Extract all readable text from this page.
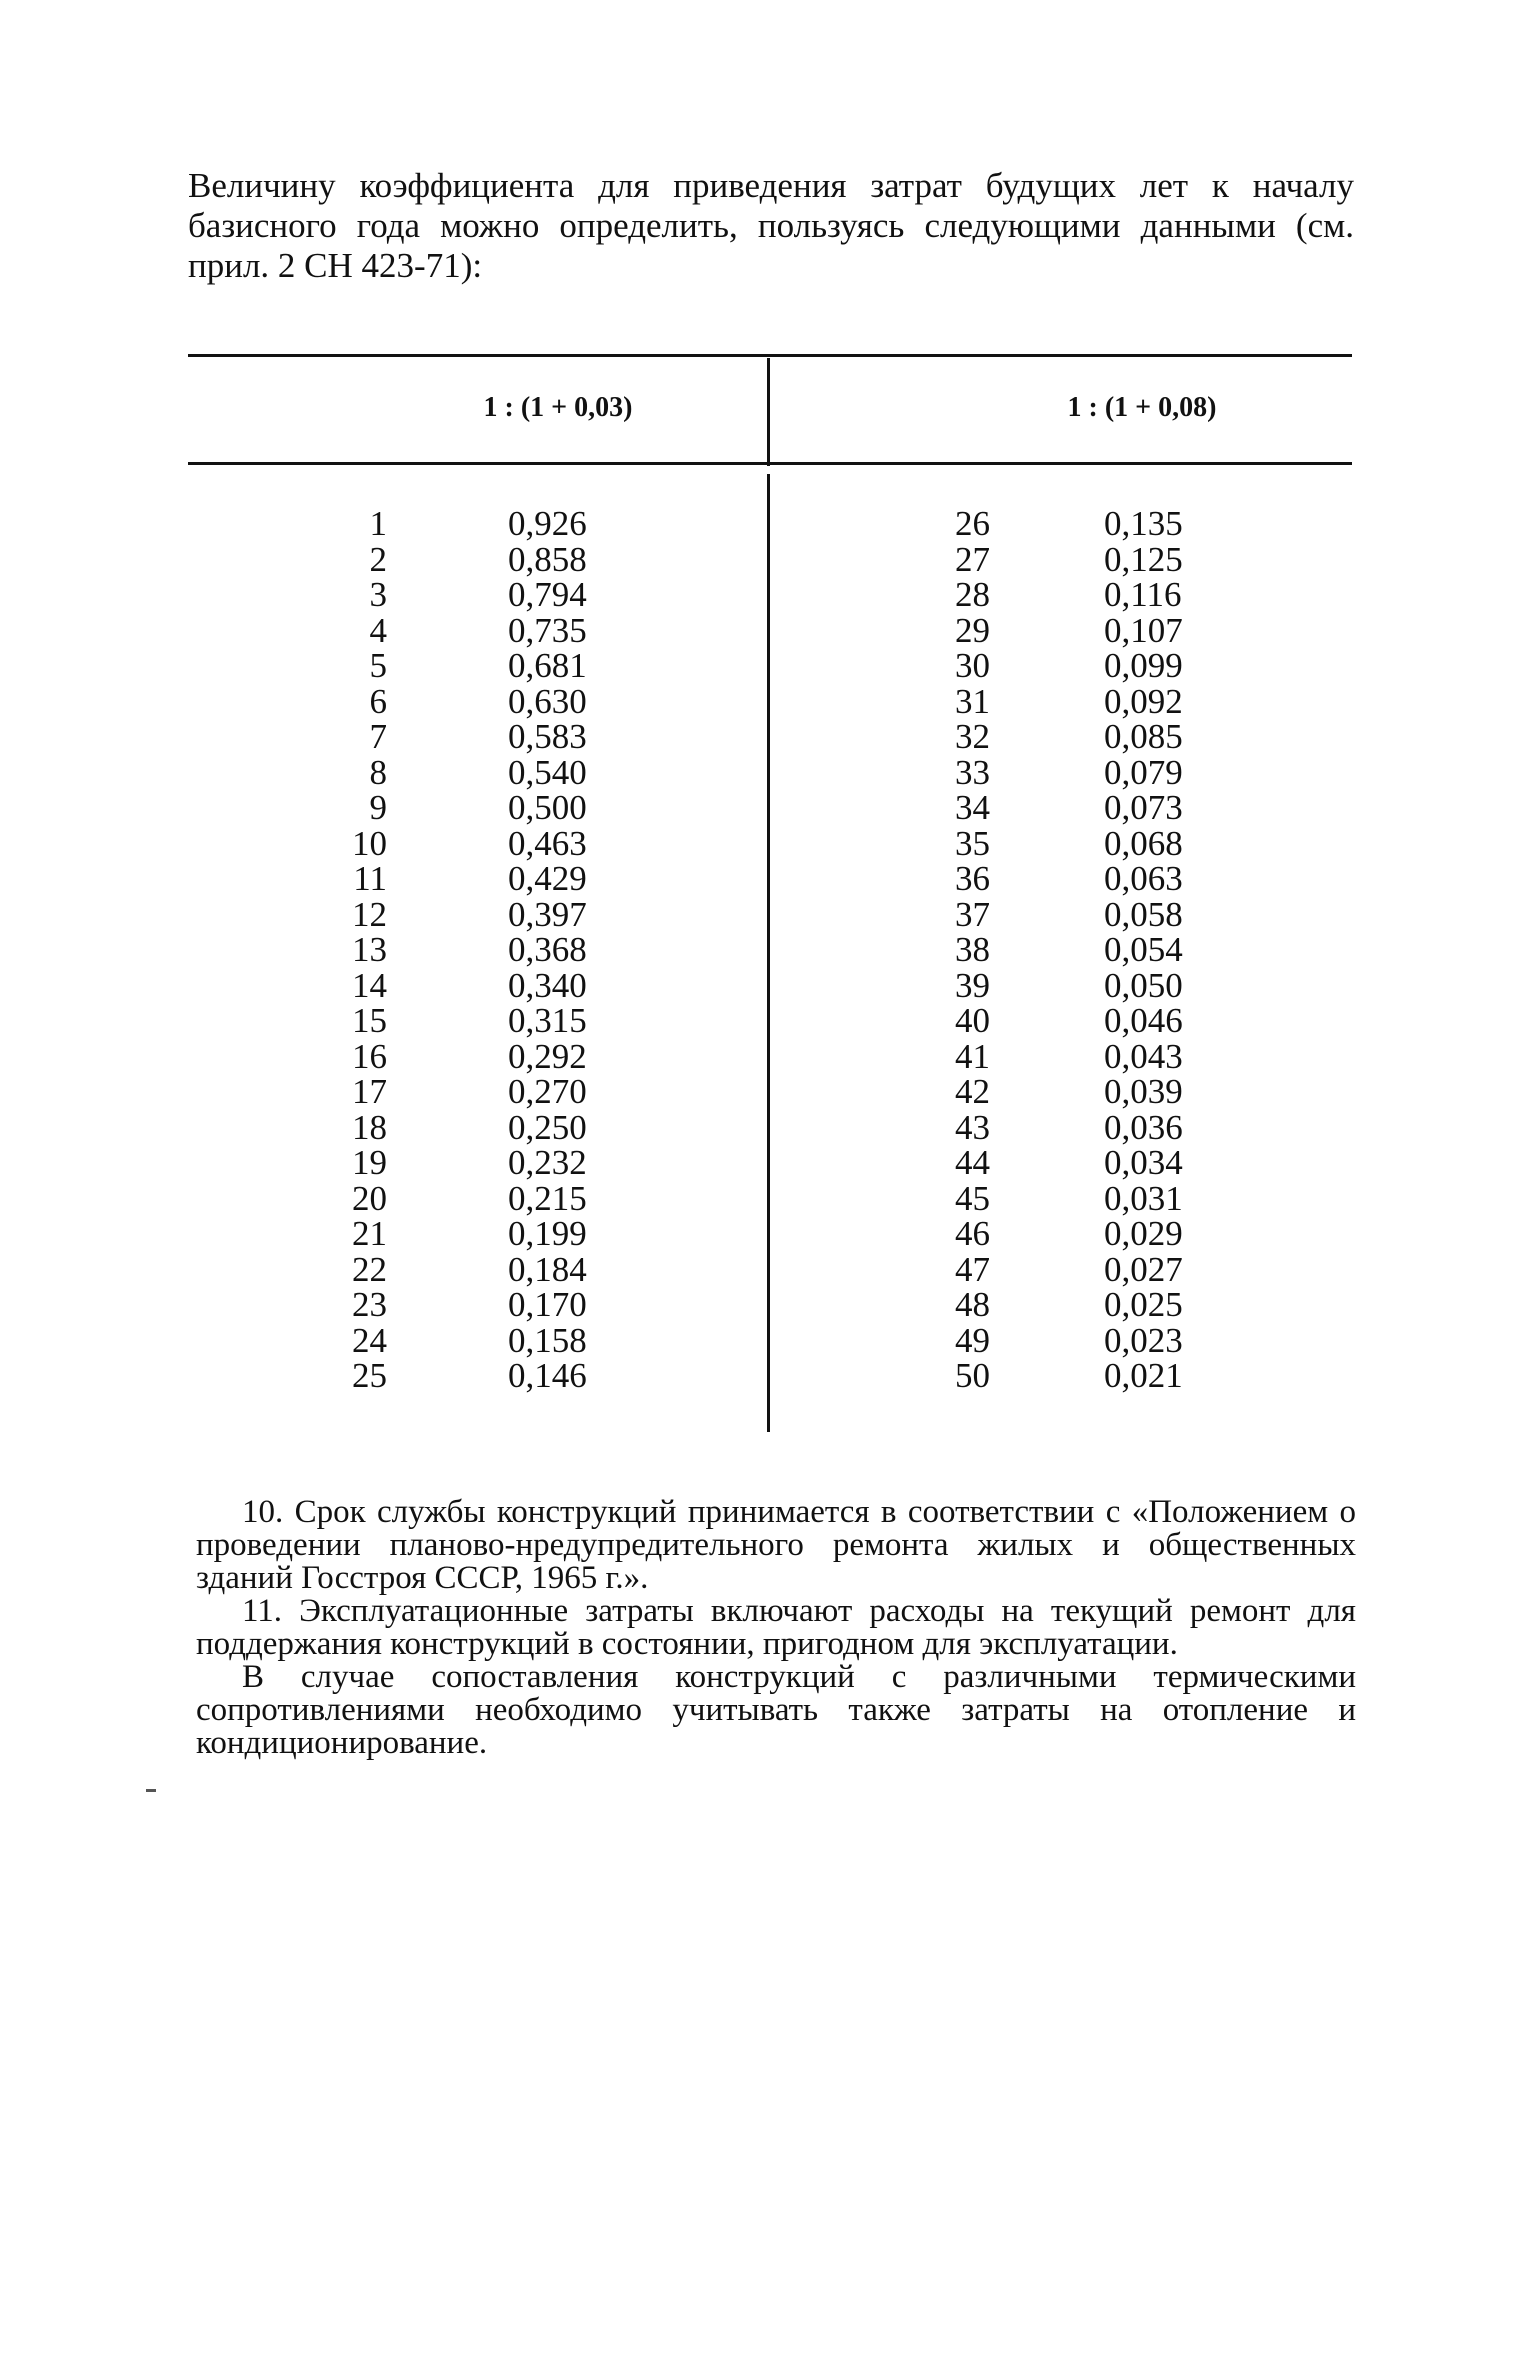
Величину коэффициента для приведения затрат будущих лет к началу базисного года можно определить, пользуясь следующими данными (см. прил. 2 СН 423-71):
1 : (1 + 0,03)	1 : (1 + 0,08)
1
2
3
4
5
6
7
8
9
10
11
12
13
14
15
16
17
18
19
20
21
22
23
24
25
0,926
0,858
0,794
0,735
0,681
0,630
0,583
0,540
0,500
0,463
0,429
0,397
0,368
0,340
0,315
0,292
0,270
0,250
0,232
0,215
0,199
0,184
0,170
0,158
0,146
26
27
28
29
30
31
32
33
34
35
36
37
38
39
40
41
42
43
44
45
46
47
48
49
50
0,135
0,125
0,116
0,107
0,099
0,092
0,085
0,079
0,073
0,068
0,063
0,058
0,054
0,050
0,046
0,043
0,039
0,036
0,034
0,031
0,029
0,027
0,025
0,023
0,021

10. Срок службы конструкций принимается в соответствии с «Положением о проведении планово-нредупредительного ремонта жилых и общественных зданий Госстроя СССР, 1965 г.».

11. Эксплуатационные затраты включают расходы на текущий ремонт для поддержания конструкций в состоянии, пригодном для эксплуатации.

В случае сопоставления конструкций с различными термическими сопротивлениями необходимо учитывать также затраты на отопление и кондиционирование.
